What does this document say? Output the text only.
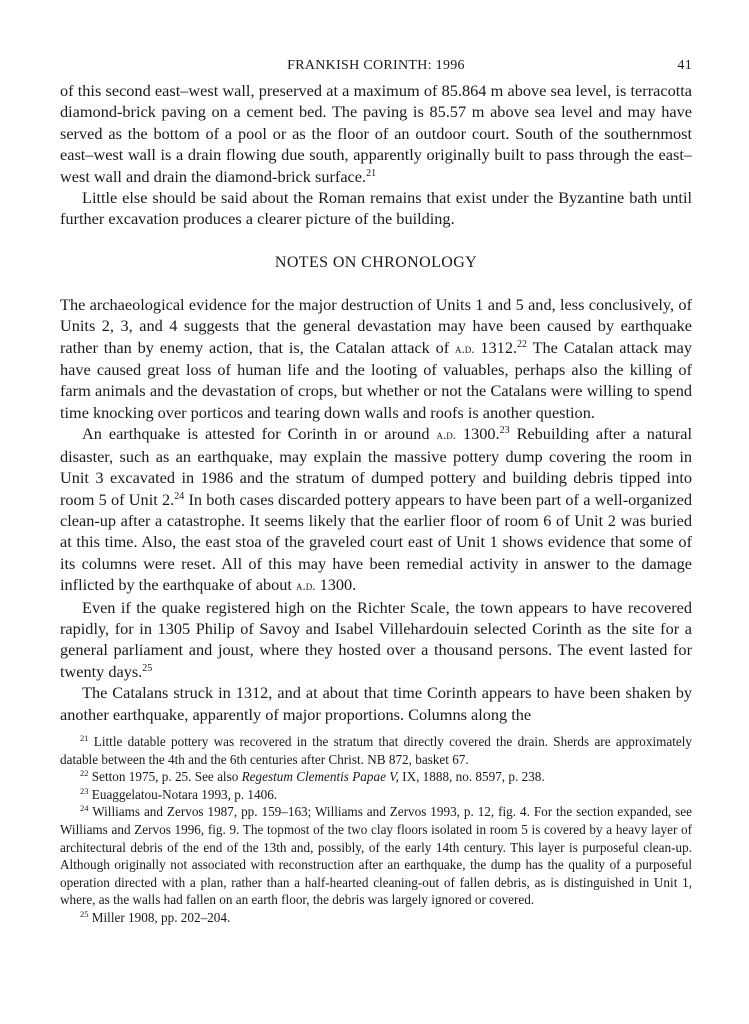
FRANKISH CORINTH: 1996	41

of this second east–west wall, preserved at a maximum of 85.864 m above sea level, is terracotta diamond-brick paving on a cement bed. The paving is 85.57 m above sea level and may have served as the bottom of a pool or as the floor of an outdoor court. South of the southernmost east–west wall is a drain flowing due south, apparently originally built to pass through the east–west wall and drain the diamond-brick surface.$^{21}$

Little else should be said about the Roman remains that exist under the Byzantine bath until further excavation produces a clearer picture of the building.

NOTES ON CHRONOLOGY

The archaeological evidence for the major destruction of Units 1 and 5 and, less conclusively, of Units 2, 3, and 4 suggests that the general devastation may have been caused by earthquake rather than by enemy action, that is, the Catalan attack of a.d. 1312.22 The Catalan attack may have caused great loss of human life and the looting of valuables, perhaps also the killing of farm animals and the devastation of crops, but whether or not the Catalans were willing to spend time knocking over porticos and tearing down walls and roofs is another question.

An earthquake is attested for Corinth in or around a.d. 1300.23 Rebuilding after a natural disaster, such as an earthquake, may explain the massive pottery dump covering the room in Unit 3 excavated in 1986 and the stratum of dumped pottery and building debris tipped into room 5 of Unit 2.24 In both cases discarded pottery appears to have been part of a well-organized clean-up after a catastrophe. It seems likely that the earlier floor of room 6 of Unit 2 was buried at this time. Also, the east stoa of the graveled court east of Unit 1 shows evidence that some of its columns were reset. All of this may have been remedial activity in answer to the damage inflicted by the earthquake of about a.d. 1300.

Even if the quake registered high on the Richter Scale, the town appears to have recovered rapidly, for in 1305 Philip of Savoy and Isabel Villehardouin selected Corinth as the site for a general parliament and joust, where they hosted over a thousand persons. The event lasted for twenty days.$^{25}$

The Catalans struck in 1312, and at about that time Corinth appears to have been shaken by another earthquake, apparently of major proportions. Columns along the

$^{21}$ Little datable pottery was recovered in the stratum that directly covered the drain. Sherds are approximately datable between the 4th and the 6th centuries after Christ. NB 872, basket 67.

$^{22}$ Setton 1975, p. 25. See also Regestum Clementis Papae V, IX, 1888, no. 8597, p. 238.

$^{23}$ Euaggelatou-Notara 1993, p. 1406.

$^{24}$ Williams and Zervos 1987, pp. 159–163; Williams and Zervos 1993, p. 12, fig. 4. For the section expanded, see Williams and Zervos 1996, fig. 9. The topmost of the two clay floors isolated in room 5 is covered by a heavy layer of architectural debris of the end of the 13th and, possibly, of the early 14th century. This layer is purposeful clean-up. Although originally not associated with reconstruction after an earthquake, the dump has the quality of a purposeful operation directed with a plan, rather than a half-hearted cleaning-out of fallen debris, as is distinguished in Unit 1, where, as the walls had fallen on an earth floor, the debris was largely ignored or covered.

$^{25}$ Miller 1908, pp. 202–204.
